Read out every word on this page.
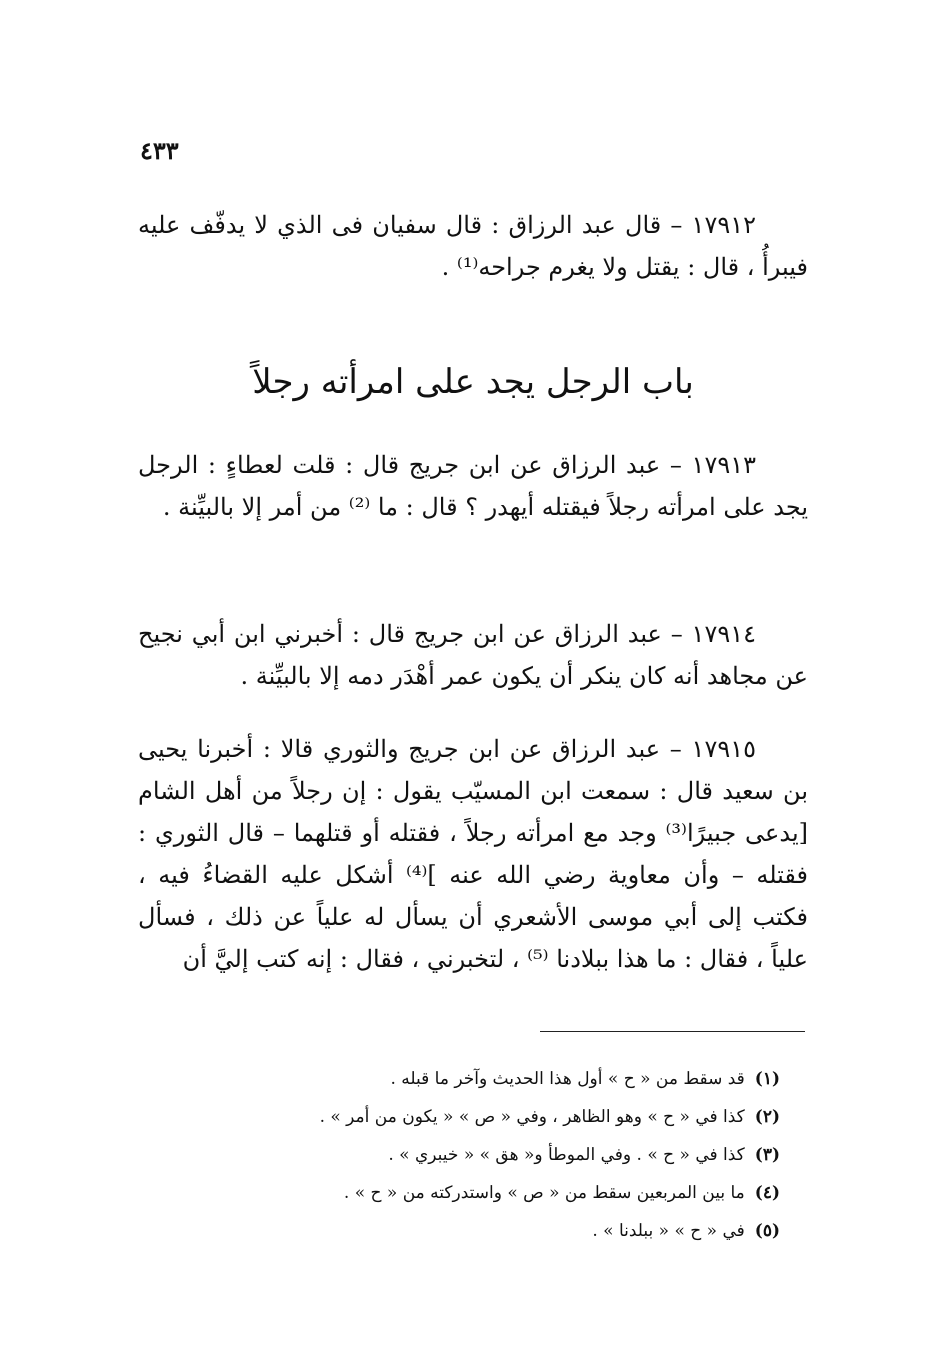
٤٣٣

١٧٩١٢ – قال عبد الرزاق : قال سفيان فى الذي لا يدفّف عليه فيبرأُ ، قال : يقتل ولا يغرم جراحه⁽¹⁾ .

باب الرجل يجد على امرأته رجلاً

١٧٩١٣ – عبد الرزاق عن ابن جريج قال : قلت لعطاءٍ : الرجل يجد على امرأته رجلاً فيقتله أيهدر ؟ قال : ما ⁽²⁾ من أمر إلا بالبيِّنة .

١٧٩١٤ – عبد الرزاق عن ابن جريج قال : أخبرني ابن أبي نجيح عن مجاهد أنه كان ينكر أن يكون عمر أهْدَر دمه إلا بالبيِّنة .

١٧٩١٥ – عبد الرزاق عن ابن جريج والثوري قالا : أخبرنا يحيى بن سعيد قال : سمعت ابن المسيّب يقول : إن رجلاً من أهل الشام [يدعى جبيرًا⁽³⁾ وجد مع امرأته رجلاً ، فقتله أو قتلهما – قال الثوري : فقتله – وأن معاوية رضي الله عنه ]⁽⁴⁾ أشكل عليه القضاءُ فيه ، فكتب إلى أبي موسى الأشعري أن يسأل له علياً عن ذلك ، فسأل علياً ، فقال : ما هذا ببلادنا ⁽⁵⁾ ، لتخبرني ، فقال : إنه كتب إليَّ أن

(١)قد سقط من « ح » أول هذا الحديث وآخر ما قبله .
(٢)كذا في « ح » وهو الظاهر ، وفي « ص » « يكون من أمر » .
(٣)كذا في « ح » . وفي الموطأ و« هق » « خيبري » .
(٤)ما بين المربعين سقط من « ص » واستدركته من « ح » .
(٥)في « ح » « ببلدنا » .
